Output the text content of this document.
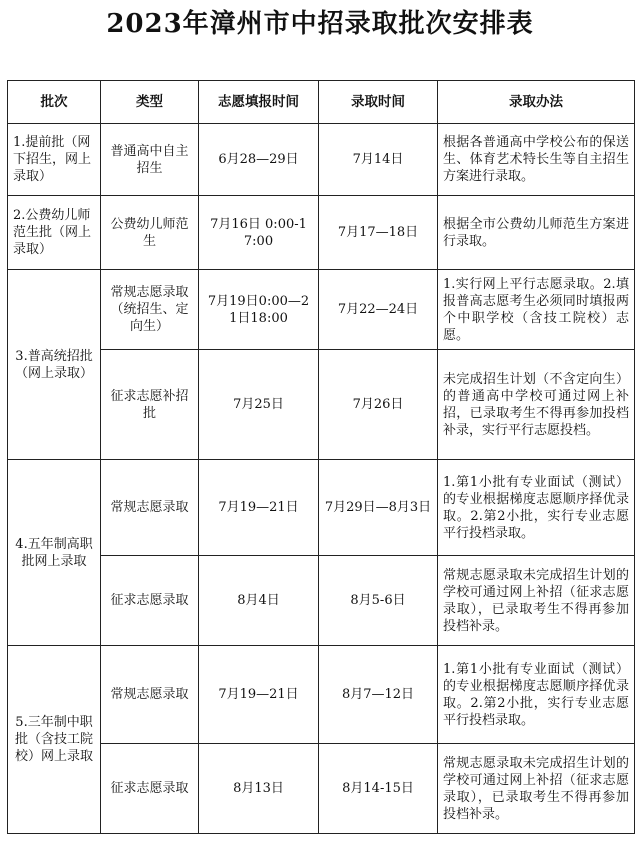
2023年漳州市中招录取批次安排表
批次	类型	志愿填报时间	录取时间	录取办法
1.提前批（网下招生，网上录取）	普通高中自主招生	6月28—29日	7月14日	根据各普通高中学校公布的保送生、体育艺术特长生等自主招生方案进行录取。
2.公费幼儿师范生批（网上录取）	公费幼儿师范生	7月16日 0:00-17:00	7月17—18日	根据全市公费幼儿师范生方案进行录取。
3.普高统招批（网上录取）	常规志愿录取（统招生、定向生）	7月19日0:00—21日18:00	7月22—24日	1.实行网上平行志愿录取。2.填报普高志愿考生必须同时填报两个中职学校（含技工院校）志愿。
	征求志愿补招批	7月25日	7月26日	未完成招生计划（不含定向生）的普通高中学校可通过网上补招，已录取考生不得再参加投档补录，实行平行志愿投档。
4.五年制高职批网上录取	常规志愿录取	7月19—21日	7月29日—8月3日	1.第1小批有专业面试（测试）的专业根据梯度志愿顺序择优录取。2.第2小批，实行专业志愿平行投档录取。
	征求志愿录取	8月4日	8月5-6日	常规志愿录取未完成招生计划的学校可通过网上补招（征求志愿录取），已录取考生不得再参加投档补录。
5.三年制中职批（含技工院校）网上录取	常规志愿录取	7月19—21日	8月7—12日	1.第1小批有专业面试（测试）的专业根据梯度志愿顺序择优录取。2.第2小批，实行专业志愿平行投档录取。
	征求志愿录取	8月13日	8月14-15日	常规志愿录取未完成招生计划的学校可通过网上补招（征求志愿录取），已录取考生不得再参加投档补录。
